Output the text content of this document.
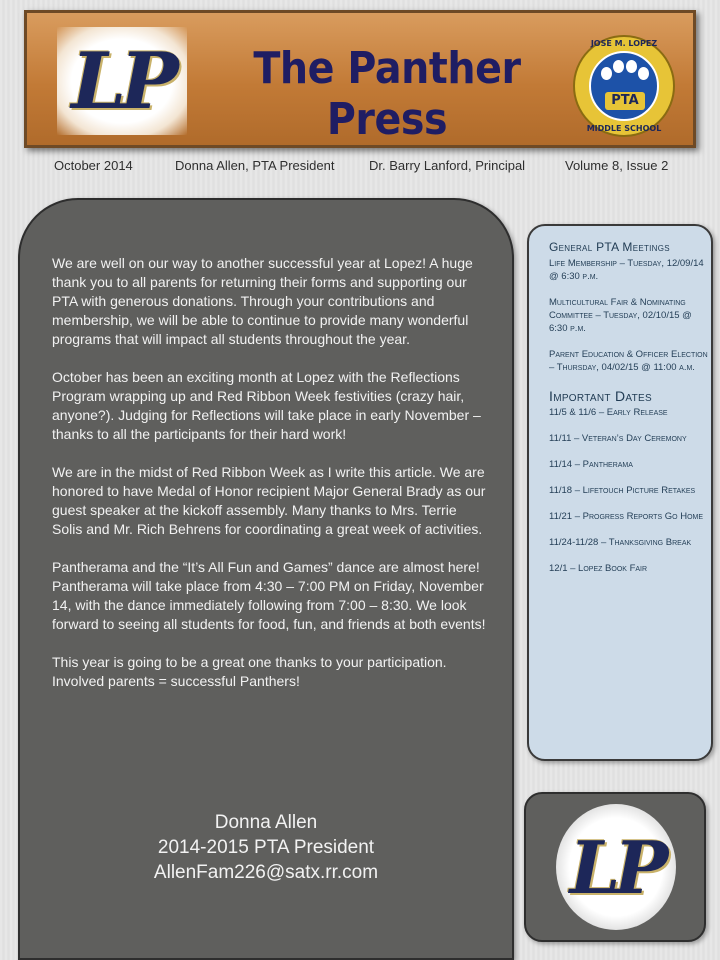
LP	The Panther Press
JOSE M. LOPEZ
PTA
MIDDLE SCHOOL
October 2014	Donna Allen, PTA President	Dr. Barry Lanford, Principal	Volume 8, Issue 2

We are well on our way to another successful year at Lopez! A huge thank you to all parents for returning their forms and supporting our PTA with generous donations. Through your contributions and membership, we will be able to continue to provide many wonderful programs that will impact all students throughout the year.

October has been an exciting month at Lopez with the Reflections Program wrapping up and Red Ribbon Week festivities (crazy hair, anyone?). Judging for Reflections will take place in early November – thanks to all the participants for their hard work!

We are in the midst of Red Ribbon Week as I write this article. We are honored to have Medal of Honor recipient Major General Brady as our guest speaker at the kickoff assembly. Many thanks to Mrs. Terrie Solis and Mr. Rich Behrens for coordinating a great week of activities.

Pantherama and the “It’s All Fun and Games” dance are almost here! Pantherama will take place from 4:30 – 7:00 PM on Friday, November 14, with the dance immediately following from 7:00 – 8:30. We look forward to seeing all students for food, fun, and friends at both events!

This year is going to be a great one thanks to your participation. Involved parents = successful Panthers!

Donna Allen
2014-2015 PTA President
AllenFam226@satx.rr.com
General PTA Meetings
Life Membership – Tuesday, 12/09/14 @ 6:30 p.m.
Multicultural Fair & Nominating Committee – Tuesday, 02/10/15 @ 6:30 p.m.
Parent Education & Officer Election – Thursday, 04/02/15 @ 11:00 a.m.
Important Dates
11/5 & 11/6 – Early Release
11/11 – Veteran’s Day Ceremony
11/14 – Pantherama
11/18 – Lifetouch Picture Retakes
11/21 – Progress Reports Go Home
11/24-11/28 – Thanksgiving Break
12/1 – Lopez Book Fair
LP
